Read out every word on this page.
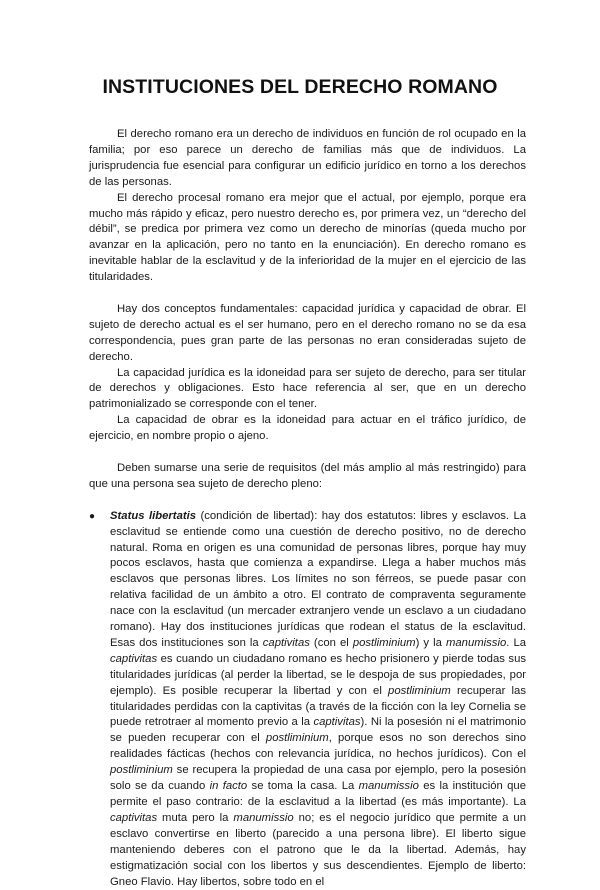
INSTITUCIONES DEL DERECHO ROMANO

El derecho romano era un derecho de individuos en función de rol ocupado en la familia; por eso parece un derecho de familias más que de individuos. La jurisprudencia fue esencial para configurar un edificio jurídico en torno a los derechos de las personas.

El derecho procesal romano era mejor que el actual, por ejemplo, porque era mucho más rápido y eficaz, pero nuestro derecho es, por primera vez, un “derecho del débil”, se predica por primera vez como un derecho de minorías (queda mucho por avanzar en la aplicación, pero no tanto en la enunciación). En derecho romano es inevitable hablar de la esclavitud y de la inferioridad de la mujer en el ejercicio de las titularidades.

Hay dos conceptos fundamentales: capacidad jurídica y capacidad de obrar. El sujeto de derecho actual es el ser humano, pero en el derecho romano no se da esa correspondencia, pues gran parte de las personas no eran consideradas sujeto de derecho.

La capacidad jurídica es la idoneidad para ser sujeto de derecho, para ser titular de derechos y obligaciones. Esto hace referencia al ser, que en un derecho patrimonializado se corresponde con el tener.

La capacidad de obrar es la idoneidad para actuar en el tráfico jurídico, de ejercicio, en nombre propio o ajeno.

Deben sumarse una serie de requisitos (del más amplio al más restringido) para que una persona sea sujeto de derecho pleno:

● Status libertatis (condición de libertad): hay dos estatutos: libres y esclavos. La esclavitud se entiende como una cuestión de derecho positivo, no de derecho natural. Roma en origen es una comunidad de personas libres, porque hay muy pocos esclavos, hasta que comienza a expandirse. Llega a haber muchos más esclavos que personas libres. Los límites no son férreos, se puede pasar con relativa facilidad de un ámbito a otro. El contrato de compraventa seguramente nace con la esclavitud (un mercader extranjero vende un esclavo a un ciudadano romano). Hay dos instituciones jurídicas que rodean el status de la esclavitud. Esas dos instituciones son la captivitas (con el postliminium) y la manumissio. La captivitas es cuando un ciudadano romano es hecho prisionero y pierde todas sus titularidades jurídicas (al perder la libertad, se le despoja de sus propiedades, por ejemplo). Es posible recuperar la libertad y con el postliminium recuperar las titularidades perdidas con la captivitas (a través de la ficción con la ley Cornelia se puede retrotraer al momento previo a la captivitas). Ni la posesión ni el matrimonio se pueden recuperar con el postliminium, porque esos no son derechos sino realidades fácticas (hechos con relevancia jurídica, no hechos jurídicos). Con el postliminium se recupera la propiedad de una casa por ejemplo, pero la posesión solo se da cuando in facto se toma la casa. La manumissio es la institución que permite el paso contrario: de la esclavitud a la libertad (es más importante). La captivitas muta pero la manumissio no; es el negocio jurídico que permite a un esclavo convertirse en liberto (parecido a una persona libre). El liberto sigue manteniendo deberes con el patrono que le da la libertad. Además, hay estigmatización social con los libertos y sus descendientes. Ejemplo de liberto: Gneo Flavio. Hay libertos, sobre todo en el
